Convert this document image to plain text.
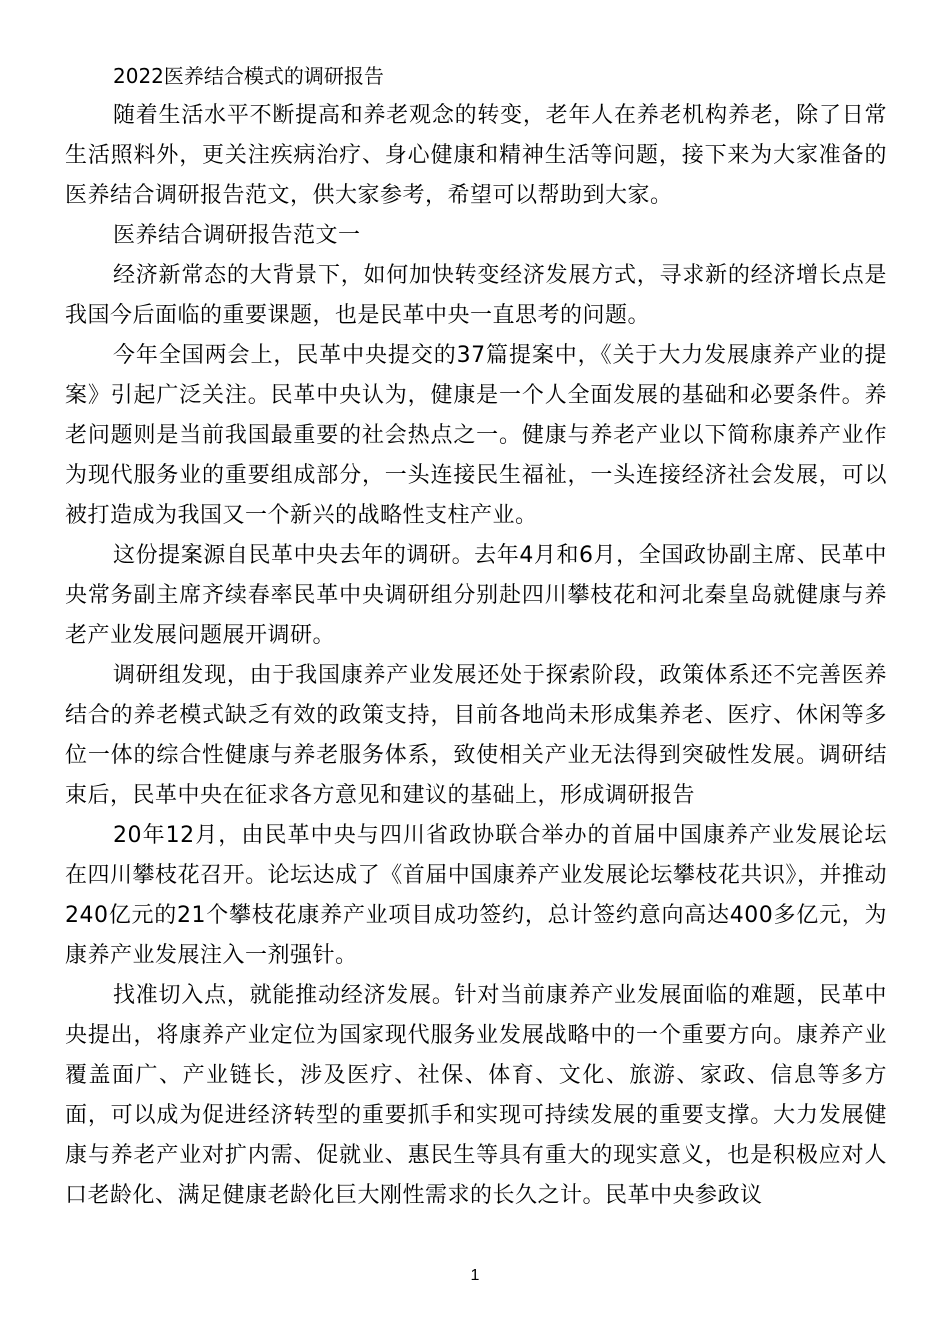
2022医养结合模式的调研报告

随着生活水平不断提高和养老观念的转变，老年人在养老机构养老，除了日常生活照料外，更关注疾病治疗、身心健康和精神生活等问题，接下来为大家准备的医养结合调研报告范文，供大家参考，希望可以帮助到大家。

医养结合调研报告范文一

经济新常态的大背景下，如何加快转变经济发展方式，寻求新的经济增长点是我国今后面临的重要课题，也是民革中央一直思考的问题。

今年全国两会上，民革中央提交的37篇提案中，《关于大力发展康养产业的提案》引起广泛关注。民革中央认为，健康是一个人全面发展的基础和必要条件。养老问题则是当前我国最重要的社会热点之一。健康与养老产业以下简称康养产业作为现代服务业的重要组成部分，一头连接民生福祉，一头连接经济社会发展，可以被打造成为我国又一个新兴的战略性支柱产业。

这份提案源自民革中央去年的调研。去年4月和6月，全国政协副主席、民革中央常务副主席齐续春率民革中央调研组分别赴四川攀枝花和河北秦皇岛就健康与养老产业发展问题展开调研。

调研组发现，由于我国康养产业发展还处于探索阶段，政策体系还不完善医养结合的养老模式缺乏有效的政策支持，目前各地尚未形成集养老、医疗、休闲等多位一体的综合性健康与养老服务体系，致使相关产业无法得到突破性发展。调研结束后，民革中央在征求各方意见和建议的基础上，形成调研报告

20年12月，由民革中央与四川省政协联合举办的首届中国康养产业发展论坛在四川攀枝花召开。论坛达成了《首届中国康养产业发展论坛攀枝花共识》，并推动240亿元的21个攀枝花康养产业项目成功签约，总计签约意向高达400多亿元，为康养产业发展注入一剂强针。

找准切入点，就能推动经济发展。针对当前康养产业发展面临的难题，民革中央提出，将康养产业定位为国家现代服务业发展战略中的一个重要方向。康养产业覆盖面广、产业链长，涉及医疗、社保、体育、文化、旅游、家政、信息等多方面，可以成为促进经济转型的重要抓手和实现可持续发展的重要支撑。大力发展健康与养老产业对扩内需、促就业、惠民生等具有重大的现实意义，也是积极应对人口老龄化、满足健康老龄化巨大刚性需求的长久之计。民革中央参政议

1
